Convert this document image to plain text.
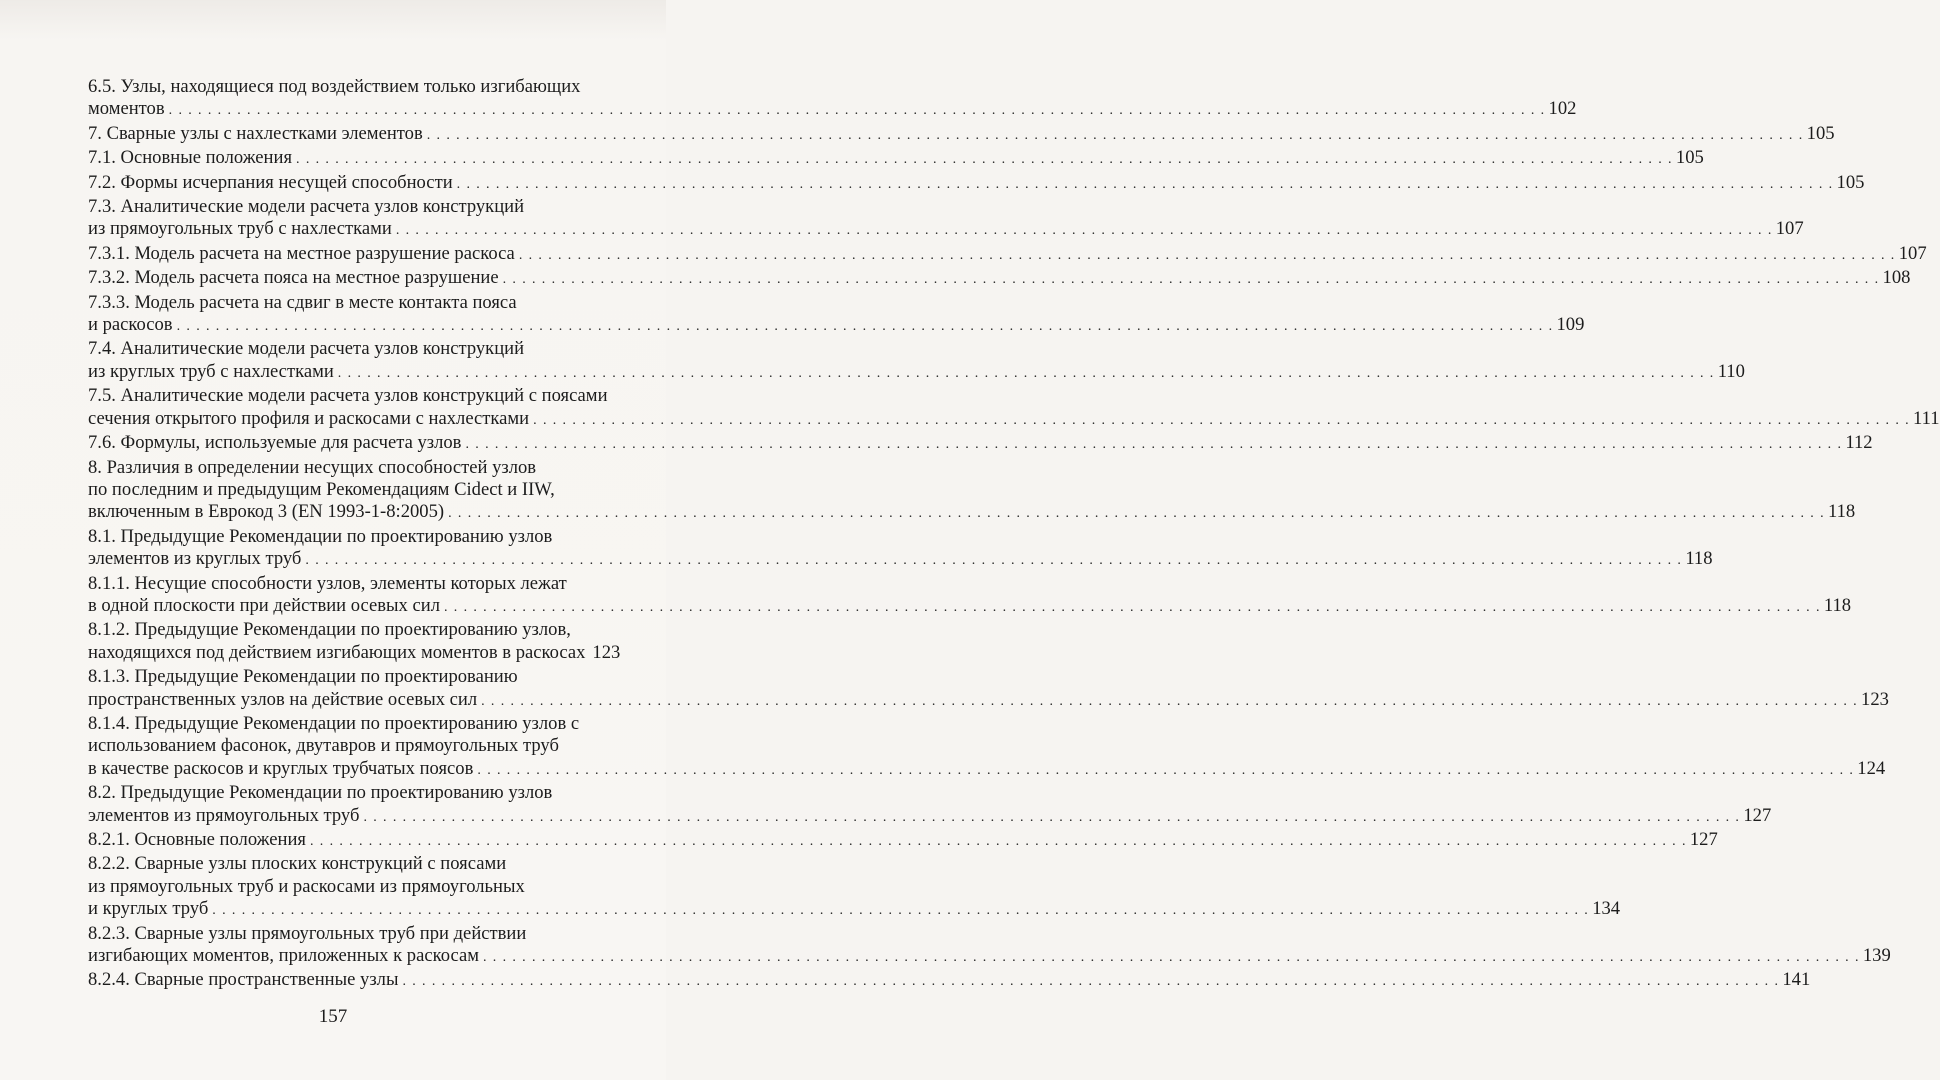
6.5. Узлы, находящиеся под воздействием только изгибающих
моментов . . .	102
7. Сварные узлы с нахлестками элементов . . .	105
7.1. Основные положения . . .	105
7.2. Формы исчерпания несущей способности . . .	105
7.3. Аналитические модели расчета узлов конструкций
из прямоугольных труб с нахлестками . . .	107
7.3.1. Модель расчета на местное разрушение раскоса . . .	107
7.3.2. Модель расчета пояса на местное разрушение . . .	108
7.3.3. Модель расчета на сдвиг в месте контакта пояса
и раскосов . . .	109
7.4. Аналитические модели расчета узлов конструкций
из круглых труб с нахлестками . . .	110
7.5. Аналитические модели расчета узлов конструкций с поясами
сечения открытого профиля и раскосами с нахлестками . . .	111
7.6. Формулы, используемые для расчета узлов . . .	112
8. Различия в определении несущих способностей узлов
по последним и предыдущим Рекомендациям Cidect и IIW,
включенным в Еврокод 3 (EN 1993-1-8:2005) . . .	118
8.1. Предыдущие Рекомендации по проектированию узлов
элементов из круглых труб . . .	118
8.1.1. Несущие способности узлов, элементы которых лежат
в одной плоскости при действии осевых сил . . .	118
8.1.2. Предыдущие Рекомендации по проектированию узлов,
находящихся под действием изгибающих моментов в раскосах 123
8.1.3. Предыдущие Рекомендации по проектированию
пространственных узлов на действие осевых сил . . .	123
8.1.4. Предыдущие Рекомендации по проектированию узлов с
использованием фасонок, двутавров и прямоугольных труб
в качестве раскосов и круглых трубчатых поясов . . .	124
8.2. Предыдущие Рекомендации по проектированию узлов
элементов из прямоугольных труб . . .	127
8.2.1. Основные положения . . .	127
8.2.2. Сварные узлы плоских конструкций с поясами
из прямоугольных труб и раскосами из прямоугольных
и круглых труб . . .	134
8.2.3. Сварные узлы прямоугольных труб при действии
изгибающих моментов, приложенных к раскосам . . .	139
8.2.4. Сварные пространственные узлы . . .	141
157
